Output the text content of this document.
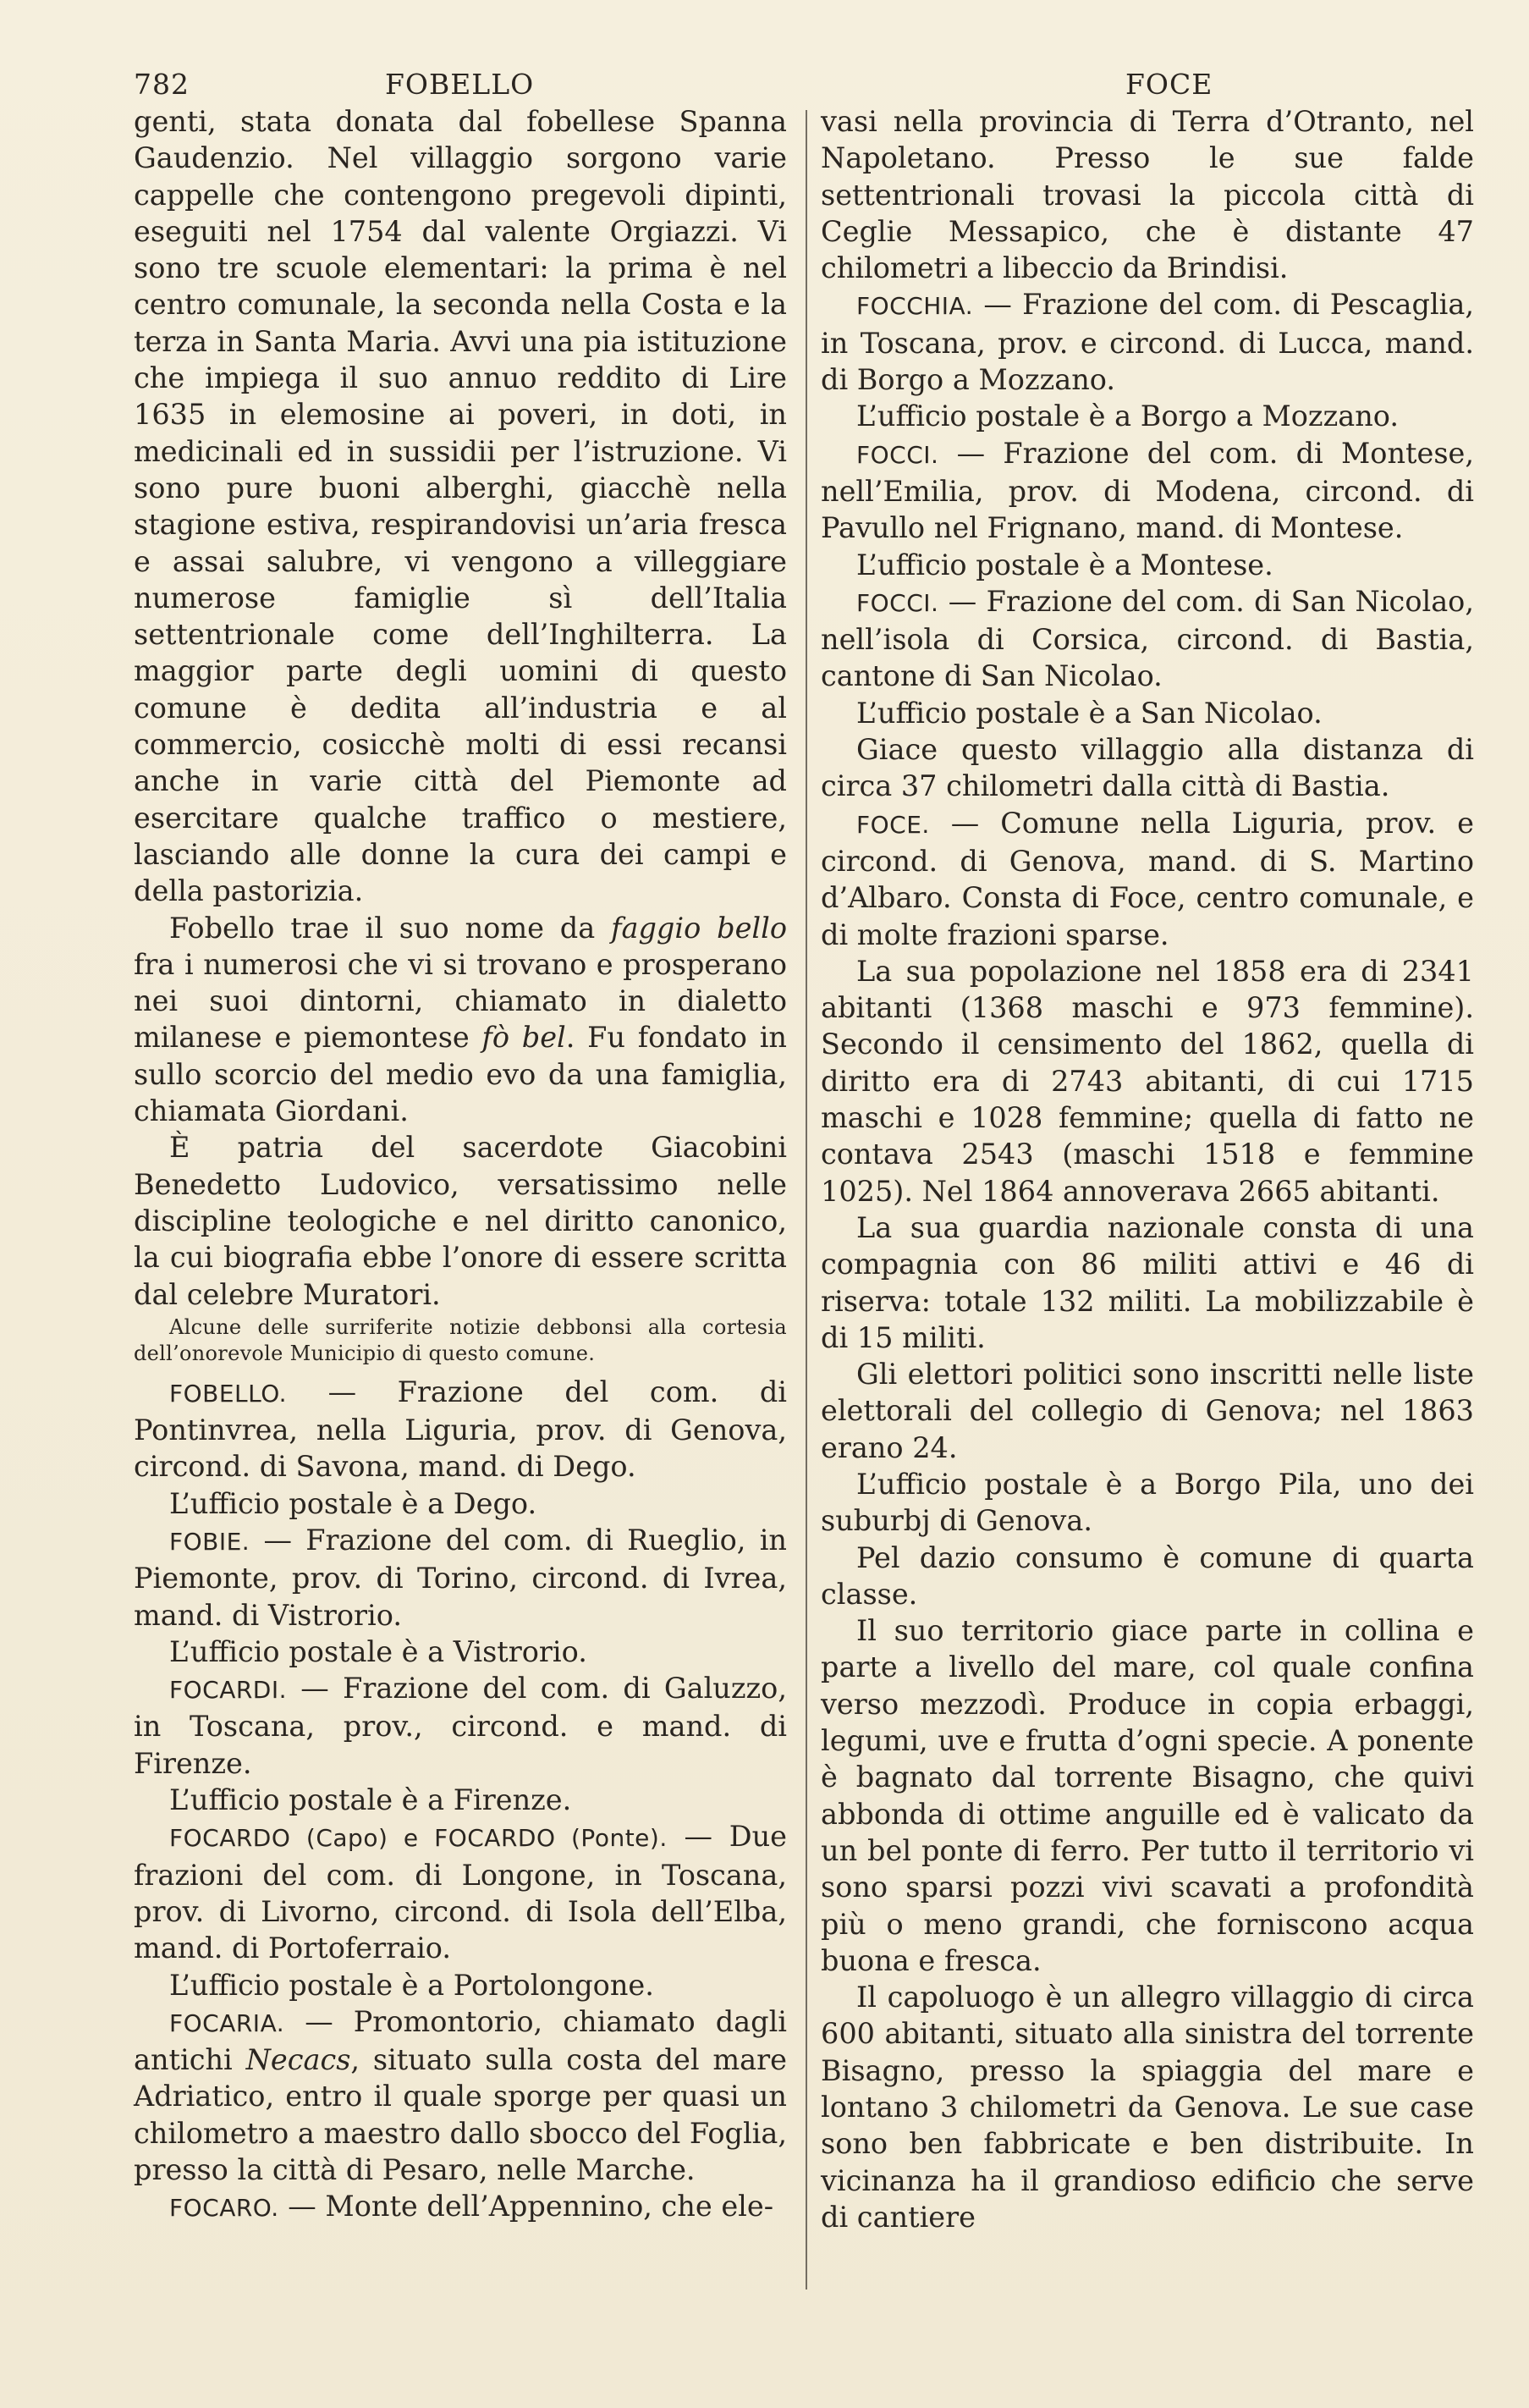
782	FOBELLO	FOCE

genti, stata donata dal fobellese Spanna Gaudenzio. Nel villaggio sorgono varie cappelle che contengono pregevoli dipinti, eseguiti nel 1754 dal valente Orgiazzi. Vi sono tre scuole elementari: la prima è nel centro comunale, la seconda nella Costa e la terza in Santa Maria. Avvi una pia istituzione che impiega il suo annuo reddito di Lire 1635 in elemosine ai poveri, in doti, in medicinali ed in sussidii per l’istruzione. Vi sono pure buoni alberghi, giacchè nella stagione estiva, respirandovisi un’aria fresca e assai salubre, vi vengono a villeggiare numerose famiglie sì dell’Italia settentrionale come dell’Inghilterra. La maggior parte degli uomini di questo comune è dedita all’industria e al commercio, cosicchè molti di essi recansi anche in varie città del Piemonte ad esercitare qualche traffico o mestiere, lasciando alle donne la cura dei campi e della pastorizia.

Fobello trae il suo nome da faggio bello fra i numerosi che vi si trovano e prosperano nei suoi dintorni, chiamato in dialetto milanese e piemontese fò bel. Fu fondato in sullo scorcio del medio evo da una famiglia, chiamata Giordani.

È patria del sacerdote Giacobini Benedetto Ludovico, versatissimo nelle discipline teologiche e nel diritto canonico, la cui biografia ebbe l’onore di essere scritta dal celebre Muratori.

Alcune delle surriferite notizie debbonsi alla cortesia dell’onorevole Municipio di questo comune.

FOBELLO. — Frazione del com. di Pontinvrea, nella Liguria, prov. di Genova, circond. di Savona, mand. di Dego.

L’ufficio postale è a Dego.

FOBIE. — Frazione del com. di Rueglio, in Piemonte, prov. di Torino, circond. di Ivrea, mand. di Vistrorio.

L’ufficio postale è a Vistrorio.

FOCARDI. — Frazione del com. di Galuzzo, in Toscana, prov., circond. e mand. di Firenze.

L’ufficio postale è a Firenze.

FOCARDO (Capo) e FOCARDO (Ponte). — Due frazioni del com. di Longone, in Toscana, prov. di Livorno, circond. di Isola dell’Elba, mand. di Portoferraio.

L’ufficio postale è a Portolongone.

FOCARIA. — Promontorio, chiamato dagli antichi Necacs, situato sulla costa del mare Adriatico, entro il quale sporge per quasi un chilometro a maestro dallo sbocco del Foglia, presso la città di Pesaro, nelle Marche.

FOCARO. — Monte dell’Appennino, che ele-

vasi nella provincia di Terra d’Otranto, nel Napoletano. Presso le sue falde settentrionali trovasi la piccola città di Ceglie Messapico, che è distante 47 chilometri a libeccio da Brindisi.

FOCCHIA. — Frazione del com. di Pescaglia, in Toscana, prov. e circond. di Lucca, mand. di Borgo a Mozzano.

L’ufficio postale è a Borgo a Mozzano.

FOCCI. — Frazione del com. di Montese, nell’Emilia, prov. di Modena, circond. di Pavullo nel Frignano, mand. di Montese.

L’ufficio postale è a Montese.

FOCCI. — Frazione del com. di San Nicolao, nell’isola di Corsica, circond. di Bastia, cantone di San Nicolao.

L’ufficio postale è a San Nicolao.

Giace questo villaggio alla distanza di circa 37 chilometri dalla città di Bastia.

FOCE. — Comune nella Liguria, prov. e circond. di Genova, mand. di S. Martino d’Albaro. Consta di Foce, centro comunale, e di molte frazioni sparse.

La sua popolazione nel 1858 era di 2341 abitanti (1368 maschi e 973 femmine). Secondo il censimento del 1862, quella di diritto era di 2743 abitanti, di cui 1715 maschi e 1028 femmine; quella di fatto ne contava 2543 (maschi 1518 e femmine 1025). Nel 1864 annoverava 2665 abitanti.

La sua guardia nazionale consta di una compagnia con 86 militi attivi e 46 di riserva: totale 132 militi. La mobilizzabile è di 15 militi.

Gli elettori politici sono inscritti nelle liste elettorali del collegio di Genova; nel 1863 erano 24.

L’ufficio postale è a Borgo Pila, uno dei suburbj di Genova.

Pel dazio consumo è comune di quarta classe.

Il suo territorio giace parte in collina e parte a livello del mare, col quale confina verso mezzodì. Produce in copia erbaggi, legumi, uve e frutta d’ogni specie. A ponente è bagnato dal torrente Bisagno, che quivi abbonda di ottime anguille ed è valicato da un bel ponte di ferro. Per tutto il territorio vi sono sparsi pozzi vivi scavati a profondità più o meno grandi, che forniscono acqua buona e fresca.

Il capoluogo è un allegro villaggio di circa 600 abitanti, situato alla sinistra del torrente Bisagno, presso la spiaggia del mare e lontano 3 chilometri da Genova. Le sue case sono ben fabbricate e ben distribuite. In vicinanza ha il grandioso edificio che serve di cantiere
